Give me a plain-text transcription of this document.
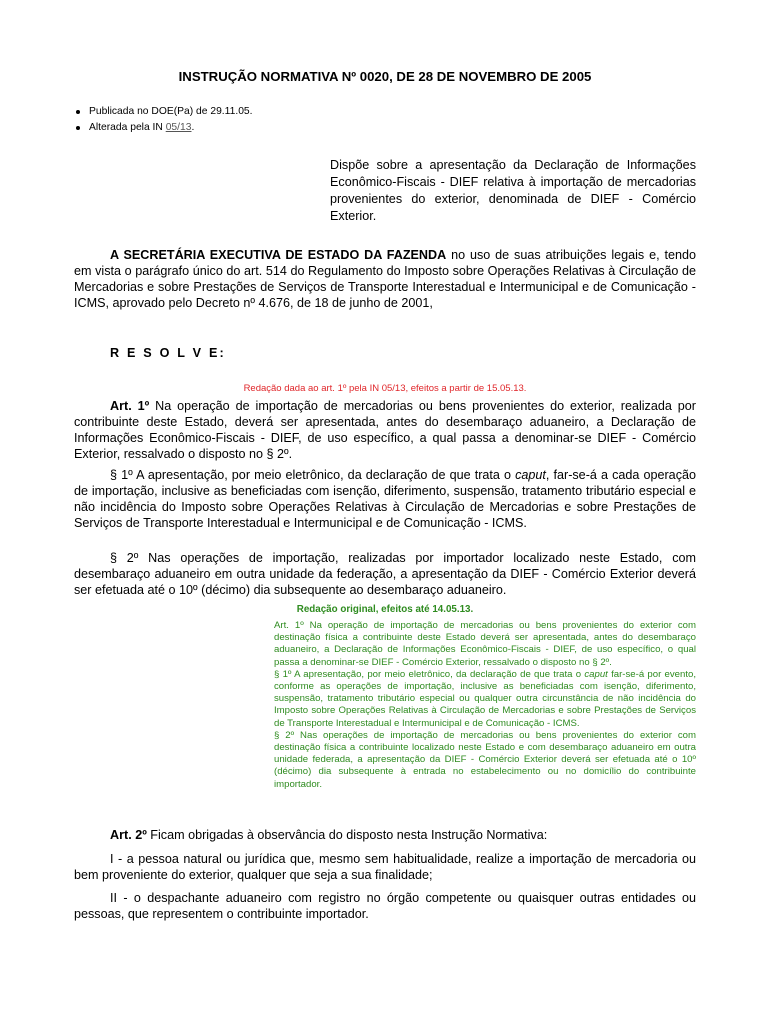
INSTRUÇÃO NORMATIVA Nº 0020, DE 28 DE NOVEMBRO DE 2005
Publicada no DOE(Pa) de 29.11.05.
Alterada pela IN 05/13.

Dispõe sobre a apresentação da Declaração de Informações Econômico-Fiscais - DIEF relativa à importação de mercadorias provenientes do exterior, denominada de DIEF - Comércio Exterior.

A SECRETÁRIA EXECUTIVA DE ESTADO DA FAZENDA no uso de suas atribuições legais e, tendo em vista o parágrafo único do art. 514 do Regulamento do Imposto sobre Operações Relativas à Circulação de Mercadorias e sobre Prestações de Serviços de Transporte Interestadual e Intermunicipal e de Comunicação - ICMS, aprovado pelo Decreto nº 4.676, de 18 de junho de 2001,

R E S O L V E:
Redação dada ao art. 1º pela IN 05/13, efeitos a partir de 15.05.13.

Art. 1º Na operação de importação de mercadorias ou bens provenientes do exterior, realizada por contribuinte deste Estado, deverá ser apresentada, antes do desembaraço aduaneiro, a Declaração de Informações Econômico-Fiscais - DIEF, de uso específico, a qual passa a denominar-se DIEF - Comércio Exterior, ressalvado o disposto no § 2º.

§ 1º A apresentação, por meio eletrônico, da declaração de que trata o caput, far-se-á a cada operação de importação, inclusive as beneficiadas com isenção, diferimento, suspensão, tratamento tributário especial e não incidência do Imposto sobre Operações Relativas à Circulação de Mercadorias e sobre Prestações de Serviços de Transporte Interestadual e Intermunicipal e de Comunicação - ICMS.

§ 2º Nas operações de importação, realizadas por importador localizado neste Estado, com desembaraço aduaneiro em outra unidade da federação, a apresentação da DIEF - Comércio Exterior deverá ser efetuada até o 10º (décimo) dia subsequente ao desembaraço aduaneiro.

Redação original, efeitos até 14.05.13.

Art. 1º Na operação de importação de mercadorias ou bens provenientes do exterior com destinação física a contribuinte deste Estado deverá ser apresentada, antes do desembaraço aduaneiro, a Declaração de Informações Econômico-Fiscais - DIEF, de uso específico, o qual passa a denominar-se DIEF - Comércio Exterior, ressalvado o disposto no § 2º.

§ 1º A apresentação, por meio eletrônico, da declaração de que trata o caput far-se-á por evento, conforme as operações de importação, inclusive as beneficiadas com isenção, diferimento, suspensão, tratamento tributário especial ou qualquer outra circunstância de não incidência do Imposto sobre Operações Relativas à Circulação de Mercadorias e sobre Prestações de Serviços de Transporte Interestadual e Intermunicipal e de Comunicação - ICMS.

§ 2º Nas operações de importação de mercadorias ou bens provenientes do exterior com destinação física a contribuinte localizado neste Estado e com desembaraço aduaneiro em outra unidade federada, a apresentação da DIEF - Comércio Exterior deverá ser efetuada até o 10º (décimo) dia subsequente à entrada no estabelecimento ou no domicílio do contribuinte importador.

Art. 2º Ficam obrigadas à observância do disposto nesta Instrução Normativa:

I - a pessoa natural ou jurídica que, mesmo sem habitualidade, realize a importação de mercadoria ou bem proveniente do exterior, qualquer que seja a sua finalidade;

II - o despachante aduaneiro com registro no órgão competente ou quaisquer outras entidades ou pessoas, que representem o contribuinte importador.
